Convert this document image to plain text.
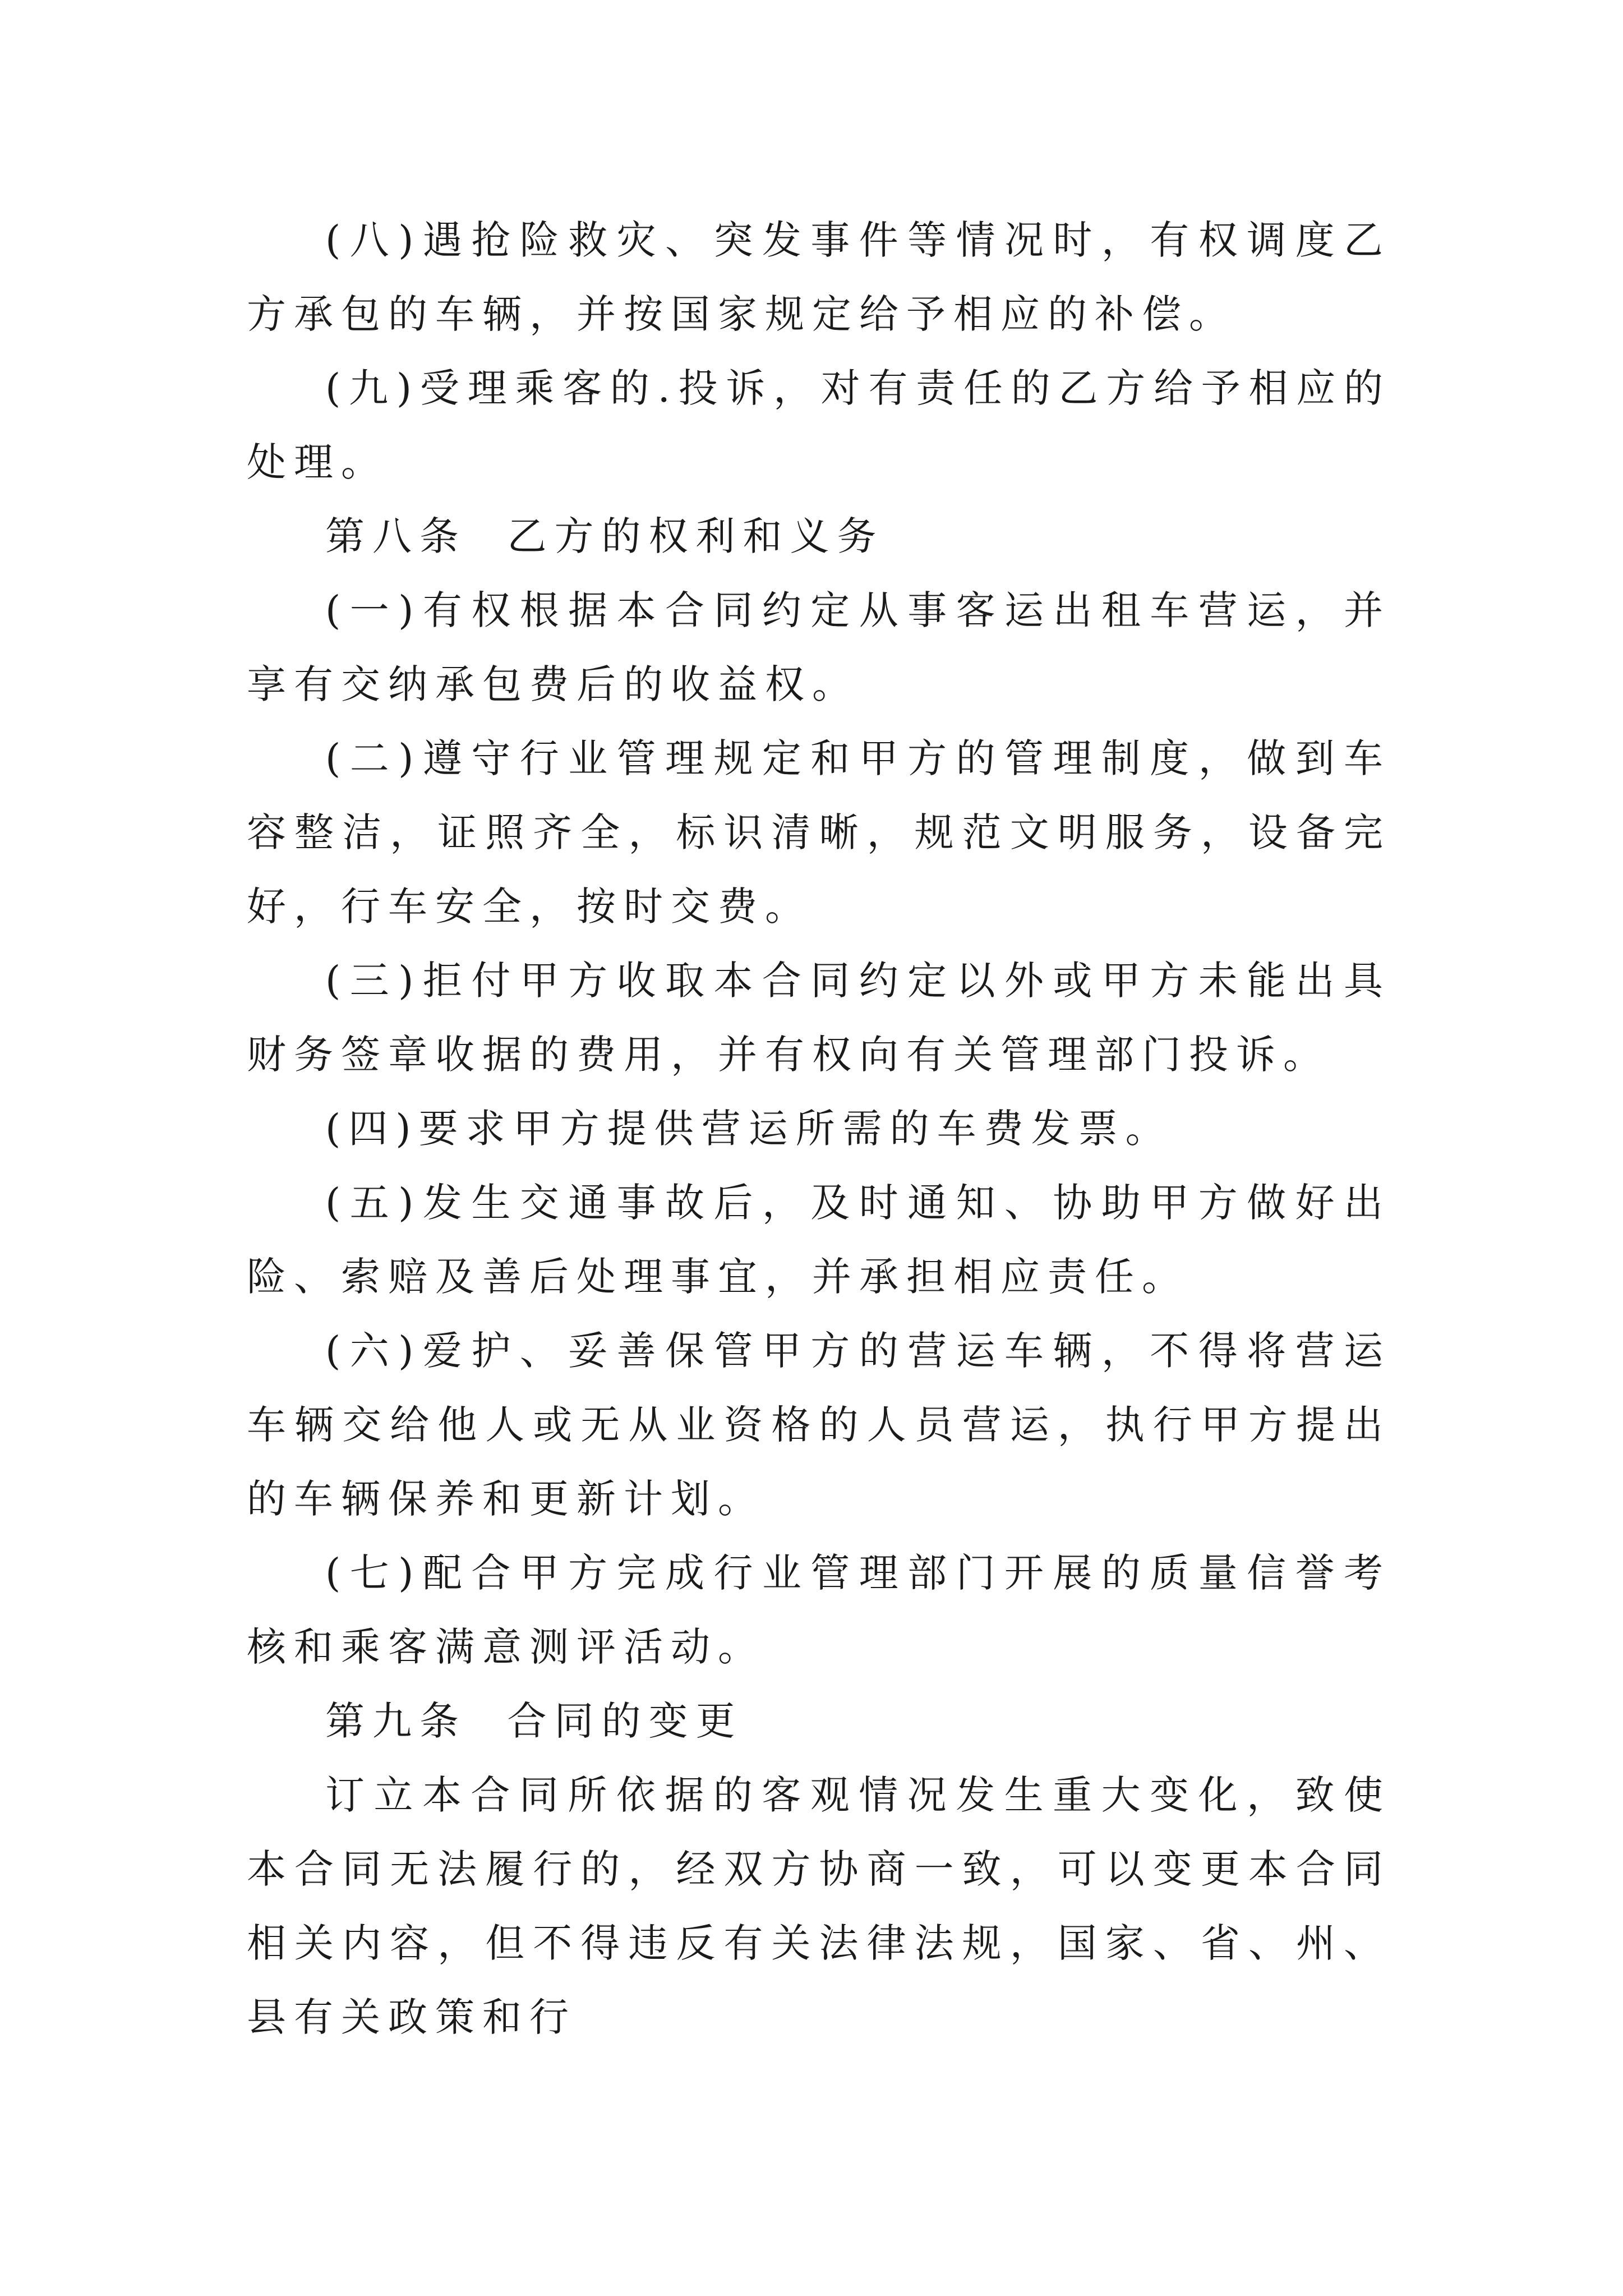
(八)遇抢险救灾、突发事件等情况时，有权调度乙方承包的车辆，并按国家规定给予相应的补偿。

(九)受理乘客的.投诉，对有责任的乙方给予相应的处理。

第八条  乙方的权利和义务

(一)有权根据本合同约定从事客运出租车营运，并享有交纳承包费后的收益权。

(二)遵守行业管理规定和甲方的管理制度，做到车容整洁，证照齐全，标识清晰，规范文明服务，设备完好，行车安全，按时交费。

(三)拒付甲方收取本合同约定以外或甲方未能出具财务签章收据的费用，并有权向有关管理部门投诉。

(四)要求甲方提供营运所需的车费发票。

(五)发生交通事故后，及时通知、协助甲方做好出险、索赔及善后处理事宜，并承担相应责任。

(六)爱护、妥善保管甲方的营运车辆，不得将营运车辆交给他人或无从业资格的人员营运，执行甲方提出的车辆保养和更新计划。

(七)配合甲方完成行业管理部门开展的质量信誉考核和乘客满意测评活动。

第九条  合同的变更

订立本合同所依据的客观情况发生重大变化，致使本合同无法履行的，经双方协商一致，可以变更本合同相关内容，但不得违反有关法律法规，国家、省、州、县有关政策和行
